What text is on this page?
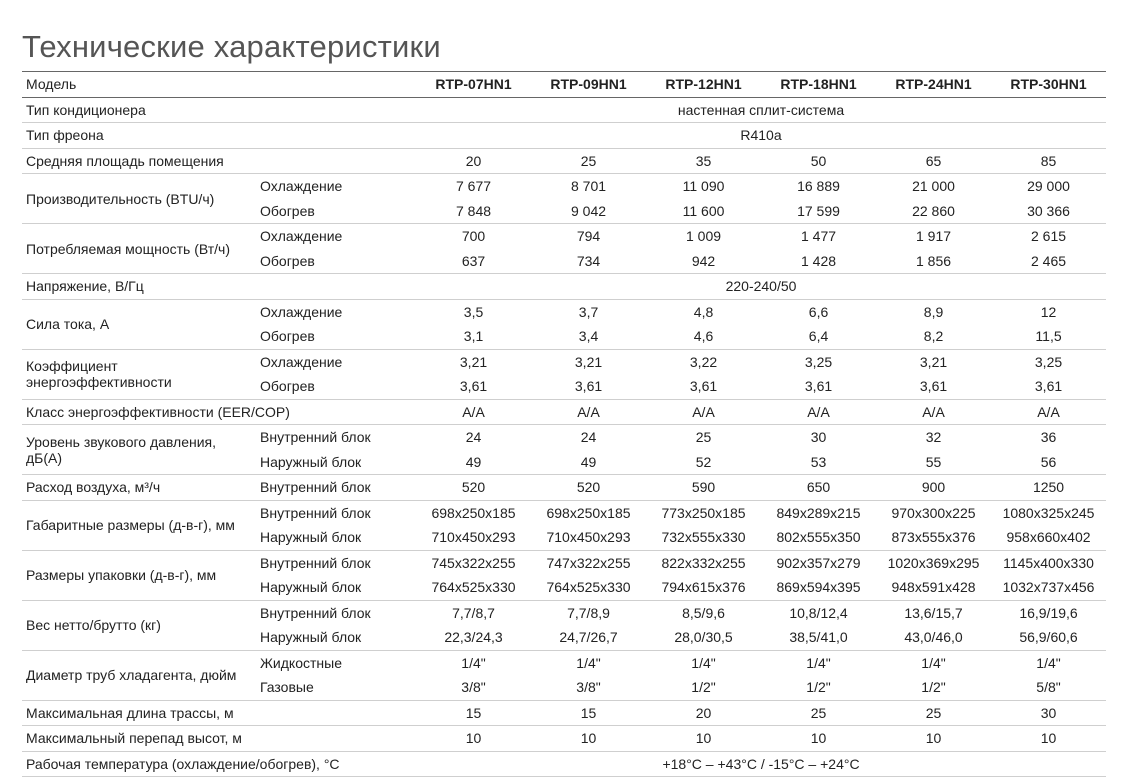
Технические характеристики
Модель		RTP-07HN1	RTP-09HN1	RTP-12HN1	RTP-18HN1	RTP-24HN1	RTP-30HN1
Тип кондиционера		настенная сплит-система					
Тип фреона		R410a					
Средняя площадь помещения		20	25	35	50	65	85
Производительность (BTU/ч)	Охлаждение	7 677	8 701	11 090	16 889	21 000	29 000
	Обогрев	7 848	9 042	11 600	17 599	22 860	30 366
Потребляемая мощность (Вт/ч)	Охлаждение	700	794	1 009	1 477	1 917	2 615
	Обогрев	637	734	942	1 428	1 856	2 465
Напряжение, В/Гц		220-240/50					
Сила тока, А	Охлаждение	3,5	3,7	4,8	6,6	8,9	12
	Обогрев	3,1	3,4	4,6	6,4	8,2	11,5
Коэффициент энергоэффективности	Охлаждение	3,21	3,21	3,22	3,25	3,21	3,25
	Обогрев	3,61	3,61	3,61	3,61	3,61	3,61
Класс энергоэффективности (EER/COP)		A/A	A/A	A/A	A/A	A/A	A/A
Уровень звукового давления, дБ(А)	Внутренний блок	24	24	25	30	32	36
	Наружный блок	49	49	52	53	55	56
Расход воздуха, м³/ч	Внутренний блок	520	520	590	650	900	1250
Габаритные размеры (д-в-г), мм	Внутренний блок	698x250x185	698x250x185	773x250x185	849x289x215	970x300x225	1080x325x245
	Наружный блок	710x450x293	710x450x293	732x555x330	802x555x350	873x555x376	958x660x402
Размеры упаковки (д-в-г), мм	Внутренний блок	745x322x255	747x322x255	822x332x255	902x357x279	1020x369x295	1145x400x330
	Наружный блок	764x525x330	764x525x330	794x615x376	869x594x395	948x591x428	1032x737x456
Вес нетто/брутто (кг)	Внутренний блок	7,7/8,7	7,7/8,9	8,5/9,6	10,8/12,4	13,6/15,7	16,9/19,6
	Наружный блок	22,3/24,3	24,7/26,7	28,0/30,5	38,5/41,0	43,0/46,0	56,9/60,6
Диаметр труб хладагента, дюйм	Жидкостные	1/4"	1/4"	1/4"	1/4"	1/4"	1/4"
	Газовые	3/8"	3/8"	1/2"	1/2"	1/2"	5/8"
Максимальная длина трассы, м		15	15	20	25	25	30
Максимальный перепад высот, м		10	10	10	10	10	10
Рабочая температура (охлаждение/обогрев), °C		+18°C – +43°C / -15°C – +24°C					
